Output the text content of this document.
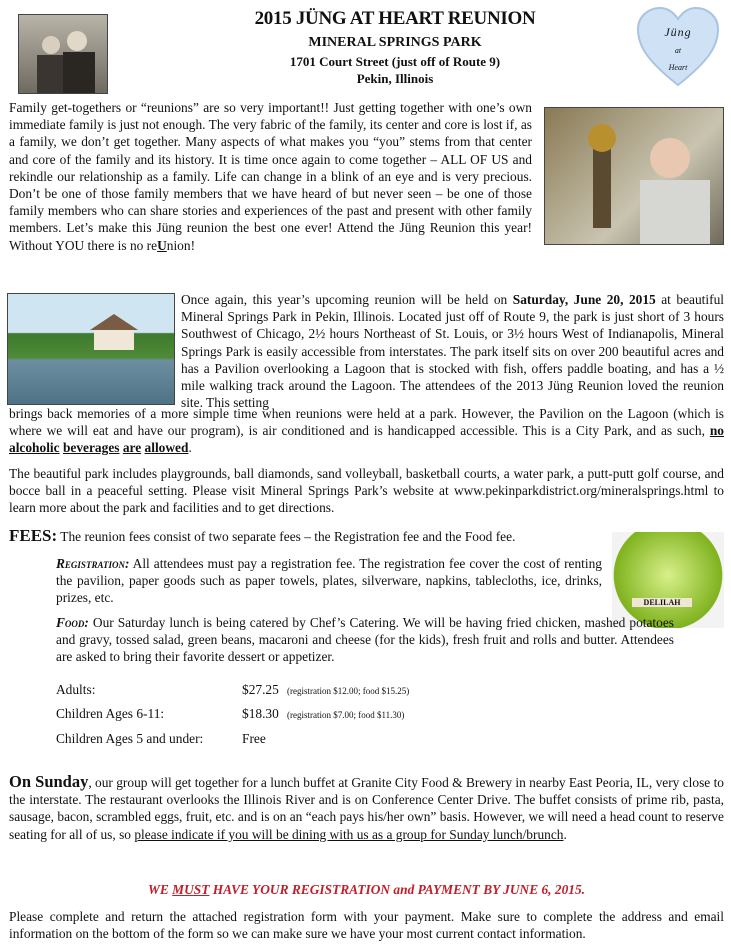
2015 JÜNG AT HEART REUNION
MINERAL SPRINGS PARK
1701 Court Street (just off of Route 9)
Pekin, Illinois
Jüng
at
Heart
Family get-togethers or “reunions” are so very important!! Just getting together with one’s own immediate family is just not enough. The very fabric of the family, its center and core is lost if, as a family, we don’t get together. Many aspects of what makes you “you” stems from that center and core of the family and its history. It is time once again to come together – ALL OF US and rekindle our relationship as a family. Life can change in a blink of an eye and is very precious. Don’t be one of those family members that we have heard of but never seen – be one of those family members who can share stories and experiences of the past and present with other family members. Let’s make this Jüng reunion the best one ever! Attend the Jüng Reunion this year! Without YOU there is no reUnion!
Once again, this year’s upcoming reunion will be held on Saturday, June 20, 2015 at beautiful Mineral Springs Park in Pekin, Illinois. Located just off of Route 9, the park is just short of 3 hours Southwest of Chicago, 2½ hours Northeast of St. Louis, or 3½ hours West of Indianapolis, Mineral Springs Park is easily accessible from interstates. The park itself sits on over 200 beautiful acres and has a Pavilion overlooking a Lagoon that is stocked with fish, offers paddle boating, and has a ½ mile walking track around the Lagoon. The attendees of the 2013 Jüng Reunion loved the reunion site. This setting
brings back memories of a more simple time when reunions were held at a park. However, the Pavilion on the Lagoon (which is where we will eat and have our program), is air conditioned and is handicapped accessible. This is a City Park, and as such, no alcoholic beverages are allowed.
The beautiful park includes playgrounds, ball diamonds, sand volleyball, basketball courts, a water park, a putt-putt golf course, and bocce ball in a peaceful setting. Please visit Mineral Springs Park’s website at www.pekinparkdistrict.org/mineralsprings.html to learn more about the park and facilities and to get directions.
FEES: The reunion fees consist of two separate fees – the Registration fee and the Food fee.
Registration: All attendees must pay a registration fee. The registration fee cover the cost of renting the pavilion, paper goods such as paper towels, plates, silverware, napkins, tablecloths, ice, drinks, prizes, etc.	DELILAH
Food: Our Saturday lunch is being catered by Chef’s Catering. We will be having fried chicken, mashed potatoes and gravy, tossed salad, green beans, macaroni and cheese (for the kids), fresh fruit and rolls and butter. Attendees are asked to bring their favorite dessert or appetizer.
Adults:	$27.25 (registration $12.00; food $15.25)
Children Ages 6-11:	$18.30 (registration $7.00; food $11.30)
Children Ages 5 and under:	Free
On Sunday, our group will get together for a lunch buffet at Granite City Food & Brewery in nearby East Peoria, IL, very close to the interstate. The restaurant overlooks the Illinois River and is on Conference Center Drive. The buffet consists of prime rib, pasta, sausage, bacon, scrambled eggs, fruit, etc. and is on an “each pays his/her own” basis. However, we will need a head count to reserve seating for all of us, so please indicate if you will be dining with us as a group for Sunday lunch/brunch.
WE MUST HAVE YOUR REGISTRATION and PAYMENT BY JUNE 6, 2015.
Please complete and return the attached registration form with your payment. Make sure to complete the address and email information on the bottom of the form so we can make sure we have your most current contact information.
